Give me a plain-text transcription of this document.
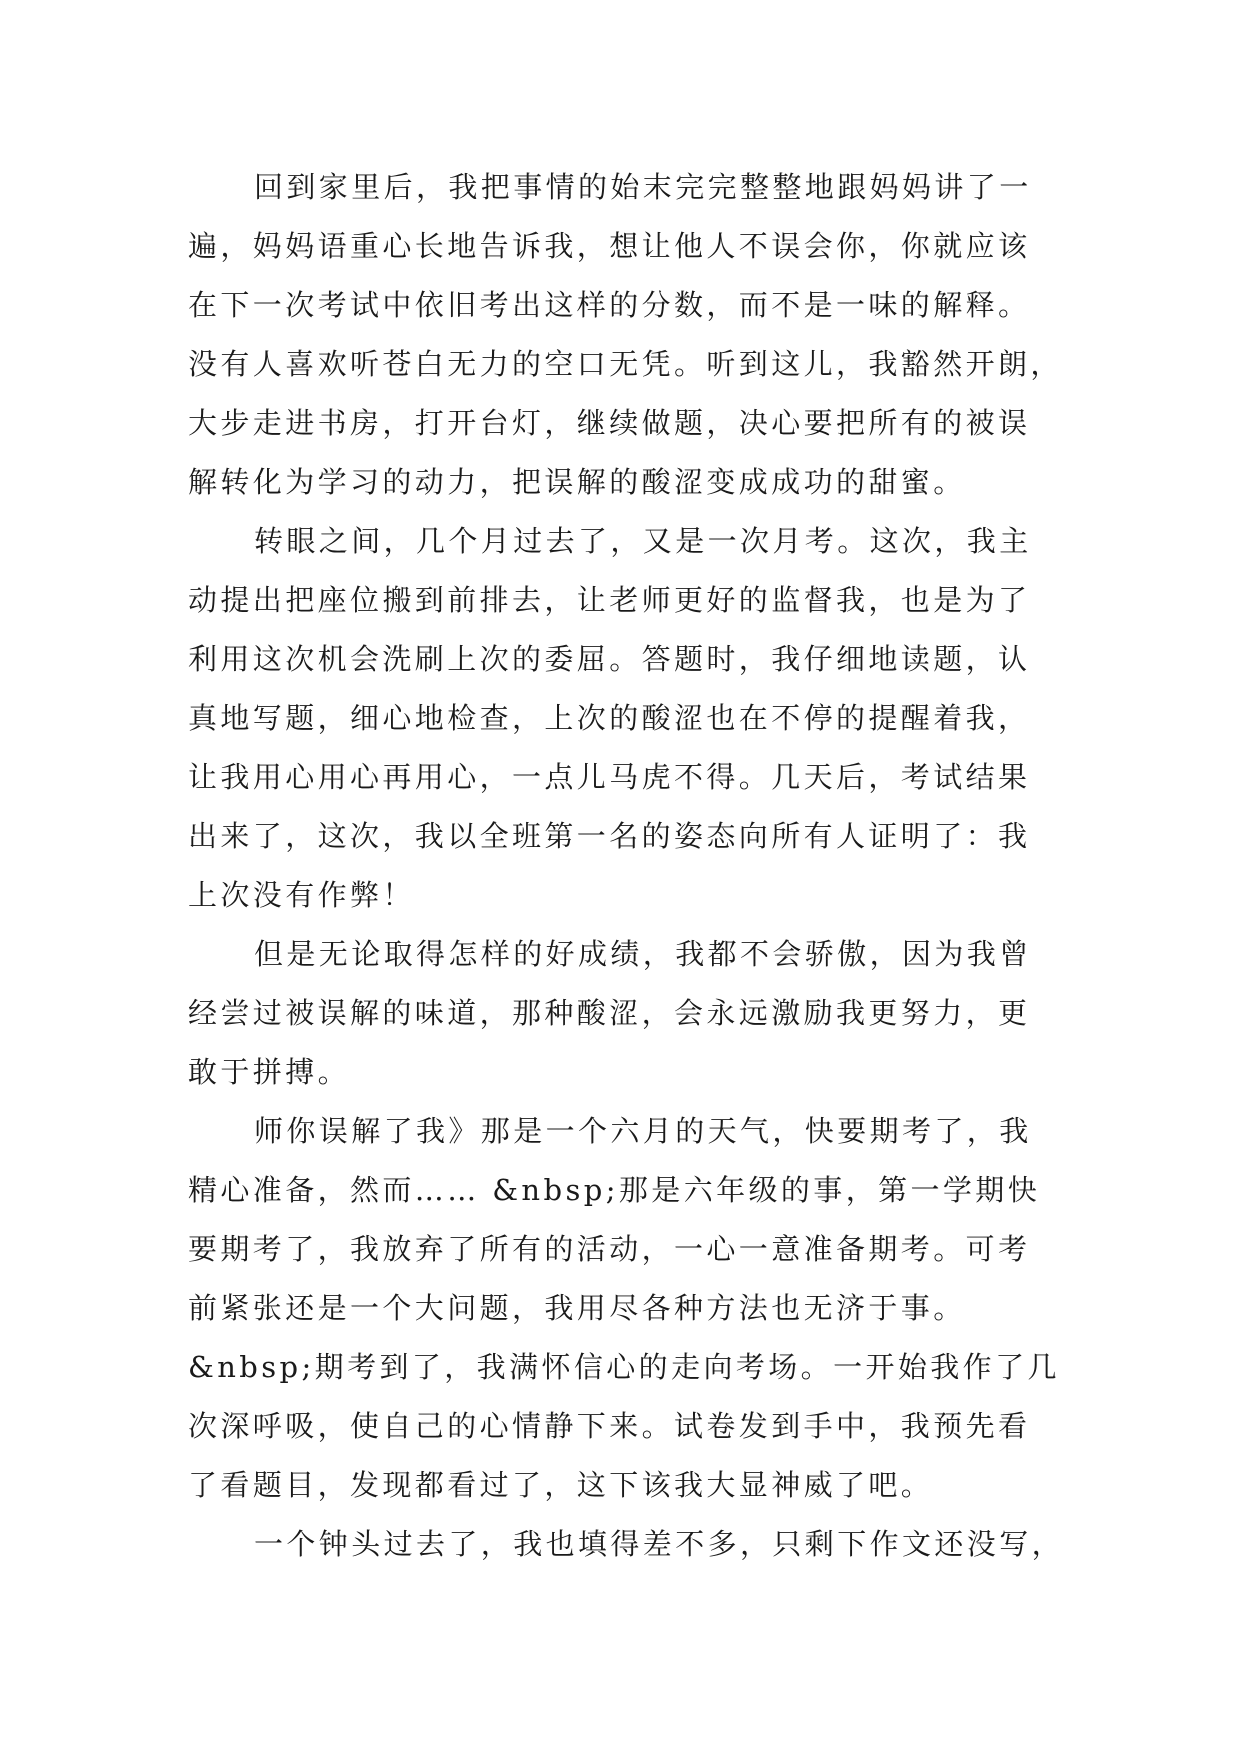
回到家里后，我把事情的始末完完整整地跟妈妈讲了一
遍，妈妈语重心长地告诉我，想让他人不误会你，你就应该
在下一次考试中依旧考出这样的分数，而不是一味的解释。
没有人喜欢听苍白无力的空口无凭。听到这儿，我豁然开朗，
大步走进书房，打开台灯，继续做题，决心要把所有的被误
解转化为学习的动力，把误解的酸涩变成成功的甜蜜。
转眼之间，几个月过去了，又是一次月考。这次，我主
动提出把座位搬到前排去，让老师更好的监督我，也是为了
利用这次机会洗刷上次的委屈。答题时，我仔细地读题，认
真地写题，细心地检查，上次的酸涩也在不停的提醒着我，
让我用心用心再用心，一点儿马虎不得。几天后，考试结果
出来了，这次，我以全班第一名的姿态向所有人证明了：我
上次没有作弊！
但是无论取得怎样的好成绩，我都不会骄傲，因为我曾
经尝过被误解的味道，那种酸涩，会永远激励我更努力，更
敢于拼搏。
师你误解了我》那是一个六月的天气，快要期考了，我
精心准备，然而…… &nbsp;那是六年级的事，第一学期快
要期考了，我放弃了所有的活动，一心一意准备期考。可考
前紧张还是一个大问题，我用尽各种方法也无济于事。
&nbsp;期考到了，我满怀信心的走向考场。一开始我作了几
次深呼吸，使自己的心情静下来。试卷发到手中，我预先看
了看题目，发现都看过了，这下该我大显神威了吧。
一个钟头过去了，我也填得差不多，只剩下作文还没写，
